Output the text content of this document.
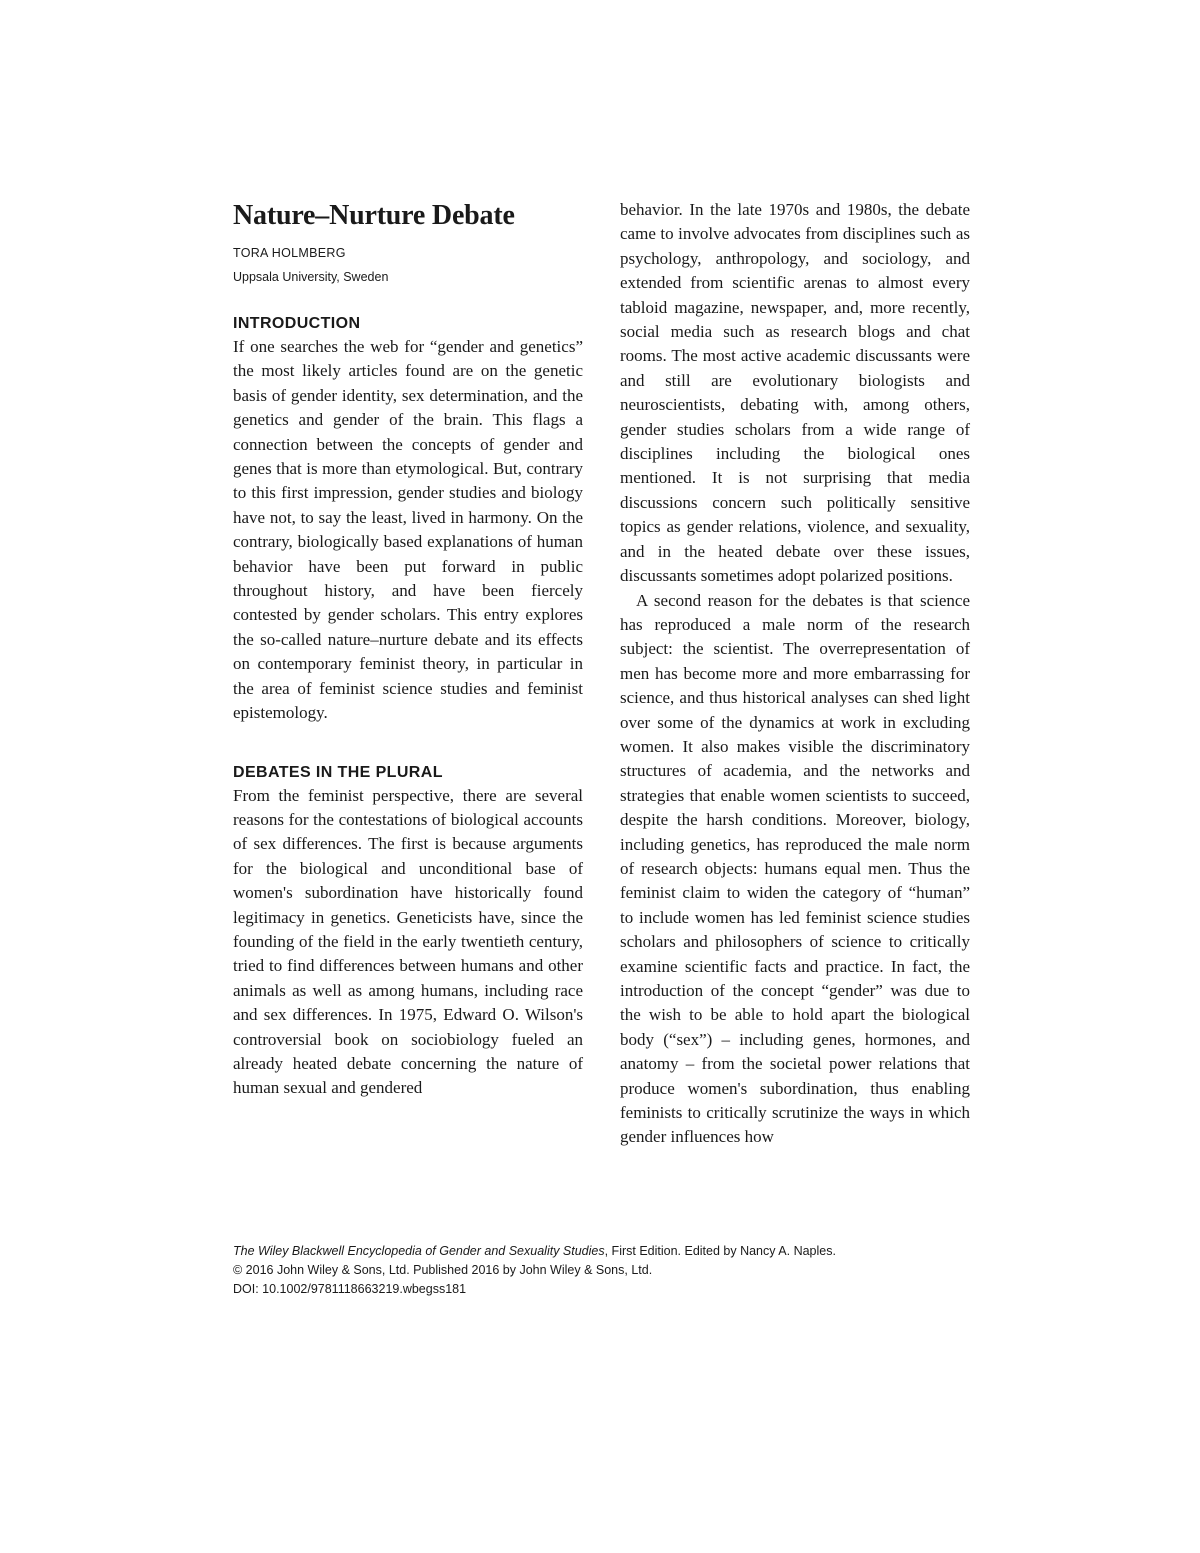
Nature–Nurture Debate
TORA HOLMBERG
Uppsala University, Sweden
INTRODUCTION

If one searches the web for “gender and genetics” the most likely articles found are on the genetic basis of gender identity, sex determination, and the genetics and gender of the brain. This flags a connection between the concepts of gender and genes that is more than etymological. But, contrary to this first impression, gender studies and biology have not, to say the least, lived in harmony. On the contrary, biologically based explanations of human behavior have been put forward in public throughout history, and have been fiercely contested by gender scholars. This entry explores the so-called nature–nurture debate and its effects on contemporary feminist theory, in particular in the area of feminist science studies and feminist epistemology.

DEBATES IN THE PLURAL

From the feminist perspective, there are several reasons for the contestations of biological accounts of sex differences. The first is because arguments for the biological and unconditional base of women's subordination have historically found legitimacy in genetics. Geneticists have, since the founding of the field in the early twentieth century, tried to find differences between humans and other animals as well as among humans, including race and sex differences. In 1975, Edward O. Wilson's controversial book on sociobiology fueled an already heated debate concerning the nature of human sexual and gendered

behavior. In the late 1970s and 1980s, the debate came to involve advocates from disciplines such as psychology, anthropology, and sociology, and extended from scientific arenas to almost every tabloid magazine, newspaper, and, more recently, social media such as research blogs and chat rooms. The most active academic discussants were and still are evolutionary biologists and neuroscientists, debating with, among others, gender studies scholars from a wide range of disciplines including the biological ones mentioned. It is not surprising that media discussions concern such politically sensitive topics as gender relations, violence, and sexuality, and in the heated debate over these issues, discussants sometimes adopt polarized positions.

A second reason for the debates is that science has reproduced a male norm of the research subject: the scientist. The overrepresentation of men has become more and more embarrassing for science, and thus historical analyses can shed light over some of the dynamics at work in excluding women. It also makes visible the discriminatory structures of academia, and the networks and strategies that enable women scientists to succeed, despite the harsh conditions. Moreover, biology, including genetics, has reproduced the male norm of research objects: humans equal men. Thus the feminist claim to widen the category of “human” to include women has led feminist science studies scholars and philosophers of science to critically examine scientific facts and practice. In fact, the introduction of the concept “gender” was due to the wish to be able to hold apart the biological body (“sex”) – including genes, hormones, and anatomy – from the societal power relations that produce women's subordination, thus enabling feminists to critically scrutinize the ways in which gender influences how

The Wiley Blackwell Encyclopedia of Gender and Sexuality Studies, First Edition. Edited by Nancy A. Naples.
© 2016 John Wiley & Sons, Ltd. Published 2016 by John Wiley & Sons, Ltd.
DOI: 10.1002/9781118663219.wbegss181
